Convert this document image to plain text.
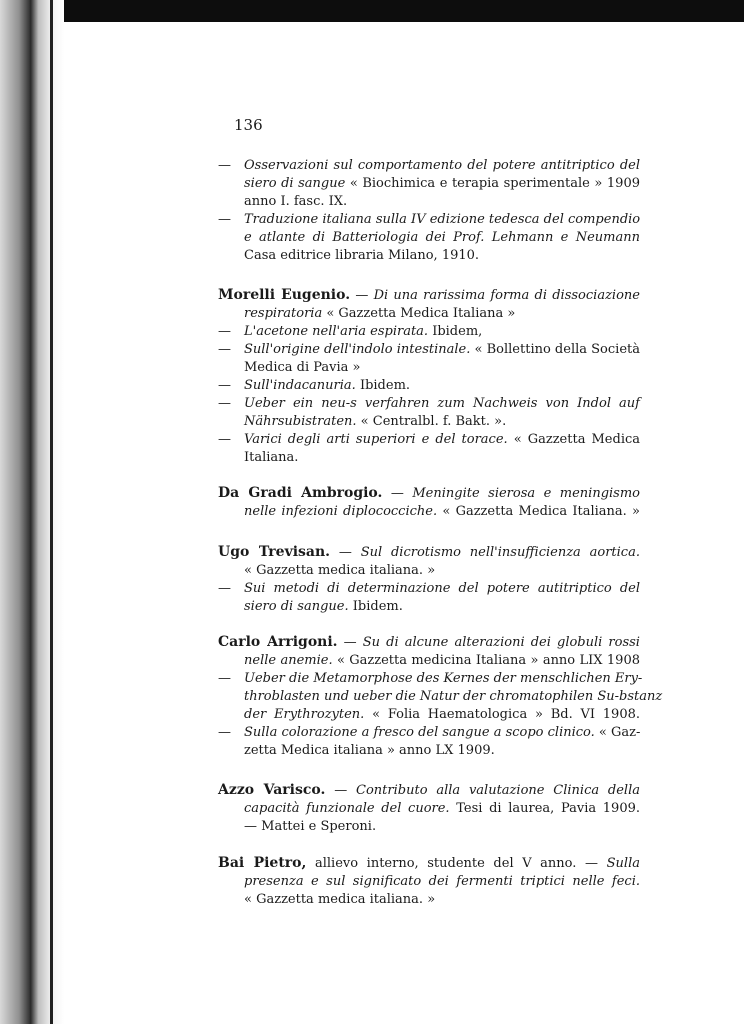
136
— Osservazioni sul comportamento del potere antitriptico del
siero di sangue « Biochimica e terapia sperimentale » 1909
anno I. fasc. IX.
— Traduzione italiana sulla IV edizione tedesca del compendio
e atlante di Batteriologia dei Prof. Lehmann e Neumann
Casa editrice libraria Milano, 1910.
Morelli Eugenio. — Di una rarissima forma di dissociazione
respiratoria « Gazzetta Medica Italiana »
— L'acetone nell'aria espirata. Ibidem,
— Sull'origine dell'indolo intestinale. « Bollettino della Società
Medica di Pavia »
— Sull'indacanuria. Ibidem.
— Ueber ein neu-s verfahren zum Nachweis von Indol auf
Nährsubistraten. « Centralbl. f. Bakt. ».
— Varici degli arti superiori e del torace. « Gazzetta Medica
Italiana.
Da Gradi Ambrogio. — Meningite sierosa e meningismo
nelle infezioni diplococciche. « Gazzetta Medica Italiana. »
Ugo Trevisan. — Sul dicrotismo nell'insufficienza aortica.
« Gazzetta medica italiana. »
— Sui metodi di determinazione del potere autitriptico del
siero di sangue. Ibidem.
Carlo Arrigoni. — Su di alcune alterazioni dei globuli rossi
nelle anemie. « Gazzetta medicina Italiana » anno LIX 1908
— Ueber die Metamorphose des Kernes der menschlichen Ery-
throblasten und ueber die Natur der chromatophilen Su-bstanz
der Erythrozyten. « Folia Haematologica » Bd. VI 1908.
— Sulla colorazione a fresco del sangue a scopo clinico. « Gaz-
zetta Medica italiana » anno LX 1909.
Azzo Varisco. — Contributo alla valutazione Clinica della
capacità funzionale del cuore. Tesi di laurea, Pavia 1909.
— Mattei e Speroni.
Bai Pietro, allievo interno, studente del V anno. — Sulla
presenza e sul significato dei fermenti triptici nelle feci.
« Gazzetta medica italiana. »
